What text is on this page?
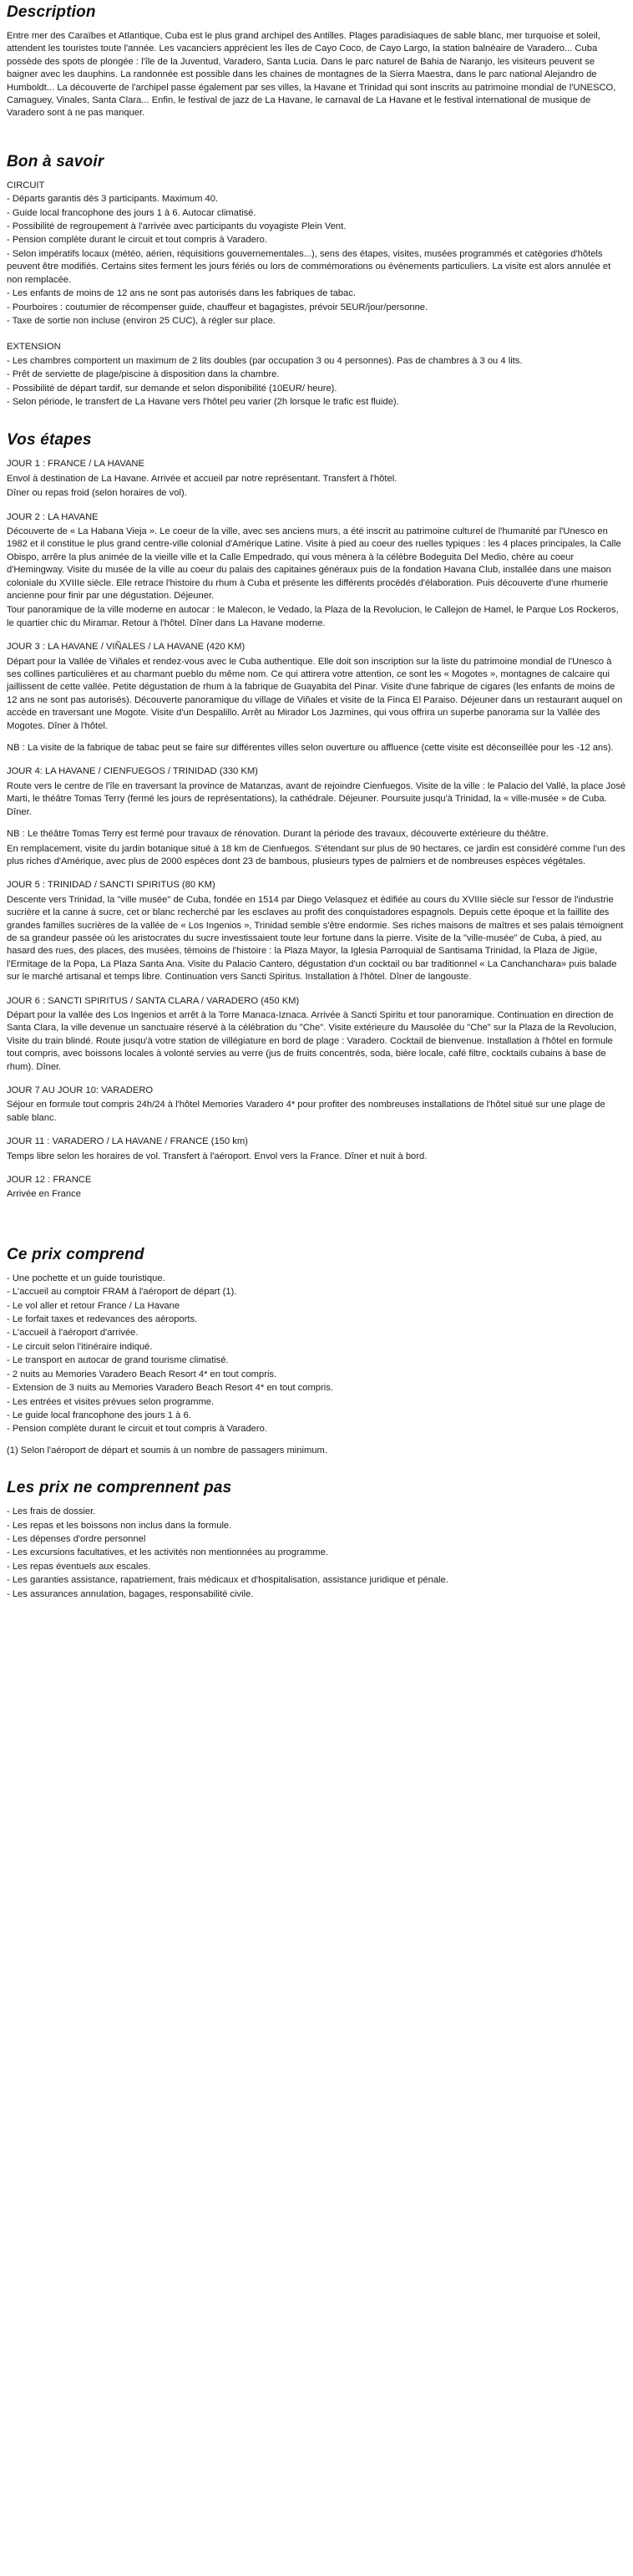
Description

Entre mer des Caraïbes et Atlantique, Cuba est le plus grand archipel des Antilles. Plages paradisiaques de sable blanc, mer turquoise et soleil, attendent les touristes toute l'année. Les vacanciers apprécient les îles de Cayo Coco, de Cayo Largo, la station balnéaire de Varadero... Cuba possède des spots de plongée : l'île de la Juventud, Varadero, Santa Lucia. Dans le parc naturel de Bahia de Naranjo, les visiteurs peuvent se baigner avec les dauphins. La randonnée est possible dans les chaines de montagnes de la Sierra Maestra, dans le parc national Alejandro de Humboldt... La découverte de l'archipel passe également par ses villes, la Havane et Trinidad qui sont inscrits au patrimoine mondial de l'UNESCO, Camaguey, Vinales, Santa Clara... Enfin, le festival de jazz de La Havane, le carnaval de La Havane et le festival international de musique de Varadero sont à ne pas manquer.

Bon à savoir

CIRCUIT

- Départs garantis dès 3 participants. Maximum 40.

- Guide local francophone des jours 1 à 6. Autocar climatisé.

- Possibilité de regroupement à l'arrivée avec participants du voyagiste Plein Vent.

- Pension complète durant le circuit et tout compris à Varadero.

- Selon impératifs locaux (météo, aérien, réquisitions gouvernementales...), sens des étapes, visites, musées programmés et catégories d'hôtels peuvent être modifiés. Certains sites ferment les jours fériés ou lors de commémorations ou évènements particuliers. La visite est alors annulée et non remplacée.

- Les enfants de moins de 12 ans ne sont pas autorisés dans les fabriques de tabac.

- Pourboires : coutumier de récompenser guide, chauffeur et bagagistes, prévoir 5EUR/jour/personne.

- Taxe de sortie non incluse (environ 25 CUC), à régler sur place.

EXTENSION

- Les chambres comportent un maximum de 2 lits doubles (par occupation 3 ou 4 personnes). Pas de chambres à 3 ou 4 lits.

- Prêt de serviette de plage/piscine à disposition dans la chambre.

- Possibilité de départ tardif, sur demande et selon disponibilité (10EUR/ heure).

- Selon période, le transfert de La Havane vers l'hôtel peu varier (2h lorsque le trafic est fluide).

Vos étapes

JOUR 1 : FRANCE / LA HAVANE

Envol à destination de La Havane. Arrivée et accueil par notre représentant. Transfert à l'hôtel.

Dîner ou repas froid (selon horaires de vol).

JOUR 2 : LA HAVANE

Découverte de « La Habana Vieja ». Le coeur de la ville, avec ses anciens murs, a été inscrit au patrimoine culturel de l'humanité par l'Unesco en 1982 et il constitue le plus grand centre-ville colonial d'Amérique Latine. Visite à pied au coeur des ruelles typiques : les 4 places principales, la Calle Obispo, arrêre la plus animée de la vieille ville et la Calle Empedrado, qui vous mènera à la célèbre Bodeguita Del Medio, chère au coeur d'Hemingway. Visite du musée de la ville au coeur du palais des capitaines généraux puis de la fondation Havana Club, installée dans une maison coloniale du XVIIIe siècle. Elle retrace l'histoire du rhum à Cuba et présente les différents procédés d'élaboration. Puis découverte d'une rhumerie ancienne pour finir par une dégustation. Déjeuner.

Tour panoramique de la ville moderne en autocar : le Malecon, le Vedado, la Plaza de la Revolucion, le Callejon de Hamel, le Parque Los Rockeros, le quartier chic du Miramar. Retour à l'hôtel. Dîner dans La Havane moderne.

JOUR 3 : LA HAVANE / VIÑALES / LA HAVANE (420 KM)

Départ pour la Vallée de Viñales et rendez-vous avec le Cuba authentique. Elle doit son inscription sur la liste du patrimoine mondial de l'Unesco à ses collines particulières et au charmant pueblo du même nom. Ce qui attirera votre attention, ce sont les « Mogotes », montagnes de calcaire qui jaillissent de cette vallée. Petite dégustation de rhum à la fabrique de Guayabita del Pinar. Visite d'une fabrique de cigares (les enfants de moins de 12 ans ne sont pas autorisés). Découverte panoramique du village de Viñales et visite de la Finca El Paraiso. Déjeuner dans un restaurant auquel on accède en traversant une Mogote. Visite d'un Despalillo. Arrêt au Mirador Los Jazmines, qui vous offrira un superbe panorama sur la Vallée des Mogotes. Dîner à l'hôtel.

NB : La visite de la fabrique de tabac peut se faire sur différentes villes selon ouverture ou affluence (cette visite est déconseillée pour les -12 ans).

JOUR 4: LA HAVANE / CIENFUEGOS / TRINIDAD (330 KM)

Route vers le centre de l'île en traversant la province de Matanzas, avant de rejoindre Cienfuegos. Visite de la ville : le Palacio del Vallé, la place José Marti, le théâtre Tomas Terry (fermé les jours de représentations), la cathédrale. Déjeuner. Poursuite jusqu'à Trinidad, la « ville-musée » de Cuba. Dîner.

NB : Le théâtre Tomas Terry est fermé pour travaux de rénovation. Durant la période des travaux, découverte extérieure du théâtre.

En remplacement, visite du jardin botanique situé à 18 km de Cienfuegos. S'étendant sur plus de 90 hectares, ce jardin est considéré comme l'un des plus riches d'Amérique, avec plus de 2000 espèces dont 23 de bambous, plusieurs types de palmiers et de nombreuses espèces végétales.

JOUR 5 : TRINIDAD / SANCTI SPIRITUS (80 KM)

Descente vers Trinidad, la "ville musée" de Cuba, fondée en 1514 par Diego Velasquez et édifiée au cours du XVIIIe siècle sur l'essor de l'industrie sucrière et la canne à sucre, cet or blanc recherché par les esclaves au profit des conquistadores espagnols. Depuis cette époque et la faillite des grandes familles sucrières de la vallée de « Los Ingenios », Trinidad semble s'être endormie. Ses riches maisons de maîtres et ses palais témoignent de sa grandeur passée où les aristocrates du sucre investissaient toute leur fortune dans la pierre. Visite de la "ville-musée" de Cuba, à pied, au hasard des rues, des places, des musées, témoins de l'histoire : la Plaza Mayor, la Iglesia Parroquial de Santisama Trinidad, la Plaza de Jigüe, l'Ermitage de la Popa, La Plaza Santa Ana. Visite du Palacio Cantero, dégustation d'un cocktail ou bar traditionnel « La Canchanchara» puis balade sur le marché artisanal et temps libre. Continuation vers Sancti Spiritus. Installation à l'hôtel. Dîner de langouste.

JOUR 6 : SANCTI SPIRITUS / SANTA CLARA / VARADERO (450 KM)

Départ pour la vallée des Los Ingenios et arrêt à la Torre Manaca-Iznaca. Arrivée à Sancti Spiritu et tour panoramique. Continuation en direction de Santa Clara, la ville devenue un sanctuaire réservé à la célébration du "Che". Visite extérieure du Mausolée du "Che" sur la Plaza de la Revolucion, Visite du train blindé. Route jusqu'à votre station de villégiature en bord de plage : Varadero. Cocktail de bienvenue. Installation à l'hôtel en formule tout compris, avec boissons locales à volonté servies au verre (jus de fruits concentrés, soda, bière locale, café filtre, cocktails cubains à base de rhum). Dîner.

JOUR 7 AU JOUR 10: VARADERO

Séjour en formule tout compris 24h/24 à l'hôtel Memories Varadero 4* pour profiter des nombreuses installations de l'hôtel situé sur une plage de sable blanc.

JOUR 11 : VARADERO / LA HAVANE / FRANCE (150 km)

Temps libre selon les horaires de vol. Transfert à l'aéroport. Envol vers la France. Dîner et nuit à bord.

JOUR 12 : FRANCE

Arrivée en France

Ce prix comprend

- Une pochette et un guide touristique.

- L'accueil au comptoir FRAM à l'aéroport de départ (1).

- Le vol aller et retour France / La Havane

- Le forfait taxes et redevances des aéroports.

- L'accueil à l'aéroport d'arrivée.

- Le circuit selon l'itinéraire indiqué.

- Le transport en autocar de grand tourisme climatisé.

- 2 nuits au Memories Varadero Beach Resort 4* en tout compris.

- Extension de 3 nuits au Memories Varadero Beach Resort 4* en tout compris.

- Les entrées et visites prévues selon programme.

- Le guide local francophone des jours 1 à 6.

- Pension complète durant le circuit et tout compris à Varadero.

(1) Selon l'aéroport de départ et soumis à un nombre de passagers minimum.

Les prix ne comprennent pas

- Les frais de dossier.

- Les repas et les boissons non inclus dans la formule.

- Les dépenses d'ordre personnel

- Les excursions facultatives, et les activités non mentionnées au programme.

- Les repas éventuels aux escales.

- Les garanties assistance, rapatriement, frais médicaux et d'hospitalisation, assistance juridique et pénale.

- Les assurances annulation, bagages, responsabilité civile.
